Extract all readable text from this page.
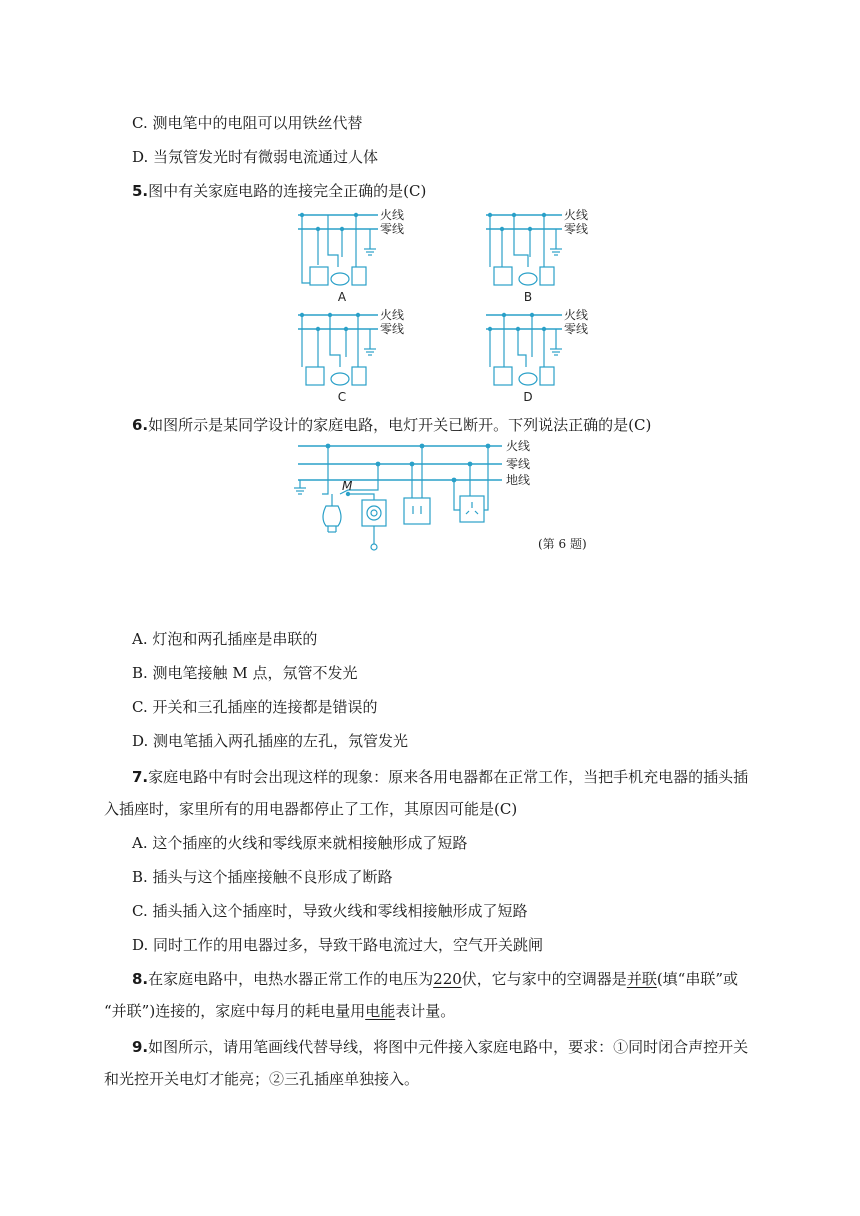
C. 测电笔中的电阻可以用铁丝代替
D. 当氖管发光时有微弱电流通过人体
5.图中有关家庭电路的连接完全正确的是(C)
火线
零线
A
火线
零线
B
火线
零线
C
火线
零线
D
6.如图所示是某同学设计的家庭电路，电灯开关已断开。下列说法正确的是(C)
火线
零线
地线
M
(第 6 题)
A. 灯泡和两孔插座是串联的
B. 测电笔接触 M 点，氖管不发光
C. 开关和三孔插座的连接都是错误的
D. 测电笔插入两孔插座的左孔，氖管发光
7.家庭电路中有时会出现这样的现象：原来各用电器都在正常工作，当把手机充电器的插头插
入插座时，家里所有的用电器都停止了工作，其原因可能是(C)
A. 这个插座的火线和零线原来就相接触形成了短路
B. 插头与这个插座接触不良形成了断路
C. 插头插入这个插座时，导致火线和零线相接触形成了短路
D. 同时工作的用电器过多，导致干路电流过大，空气开关跳闸
8.在家庭电路中，电热水器正常工作的电压为220伏，它与家中的空调器是并联(填“串联”或
“并联”)连接的，家庭中每月的耗电量用电能表计量。
9.如图所示，请用笔画线代替导线，将图中元件接入家庭电路中，要求：①同时闭合声控开关
和光控开关电灯才能亮；②三孔插座单独接入。
